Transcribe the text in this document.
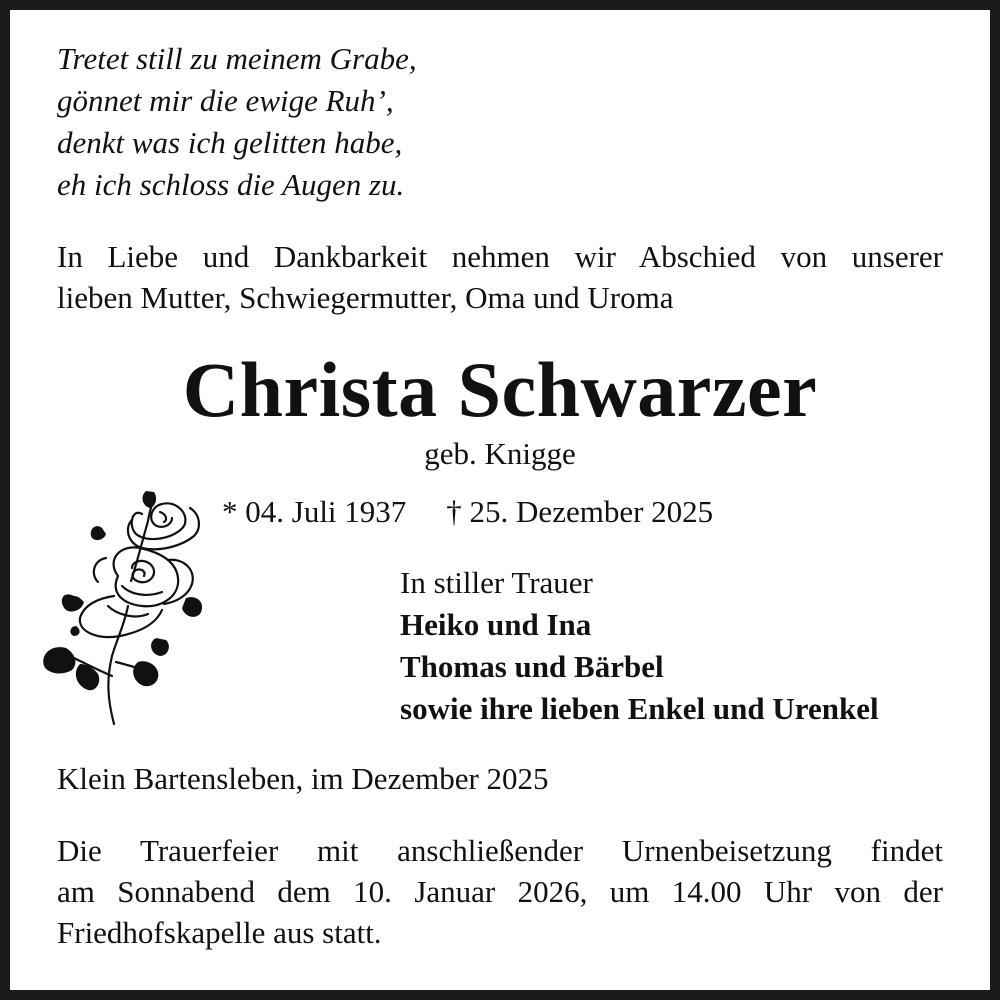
Tretet still zu meinem Grabe,
gönnet mir die ewige Ruh’,
denkt was ich gelitten habe,
eh ich schloss die Augen zu.
In Liebe und Dankbarkeit nehmen wir Abschied von unserer
lieben Mutter, Schwiegermutter, Oma und Uroma
Christa Schwarzer
geb. Knigge
* 04. Juli 1937 † 25. Dezember 2025
In stiller Trauer
Heiko und Ina
Thomas und Bärbel
sowie ihre lieben Enkel und Urenkel
Klein Bartensleben, im Dezember 2025
Die Trauerfeier mit anschließender Urnenbeisetzung findet
am Sonnabend dem 10. Januar 2026, um 14.00 Uhr von der
Friedhofskapelle aus statt.
